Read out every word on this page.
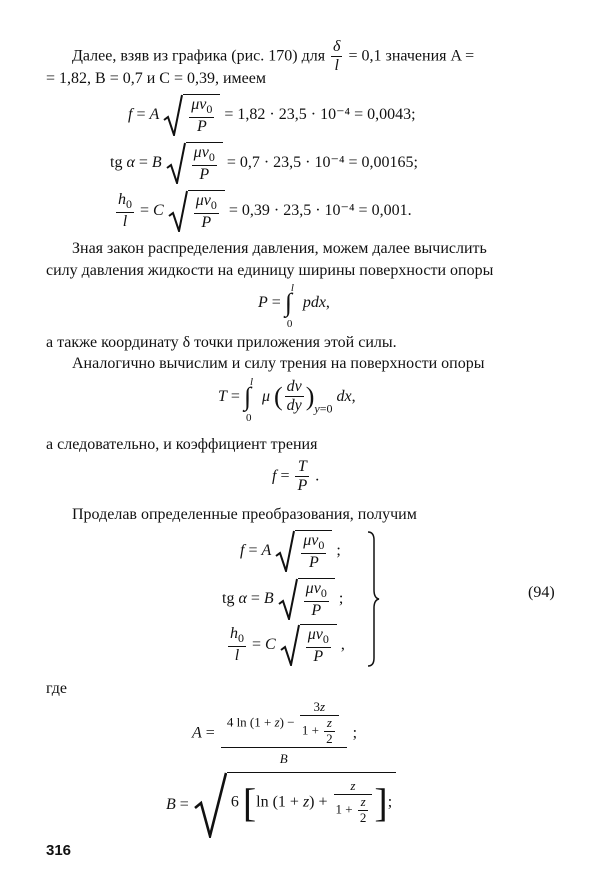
Далее, взяв из графика (рис. 170) для $\frac{\delta}{l} = 0,1$ значения A =
= 1,82, B = 0,7 и C = 0,39, имеем
f = A $\frac{\mu v_0}{P} = 1,82 \cdot 23,5 \cdot 10^{-4} = 0,0043$;
tg α = B $\frac{\mu v_0}{P} = 0,7 \cdot 23,5 \cdot 10^{-4} = 0,00165$;
$\frac{h_0}{l} = C \frac{\mu v_0}{P} = 0,39 \cdot 23,5 \cdot 10^{-4} = 0,001$.
Зная закон распределения давления, можем далее вычислить
силу давления жидкости на единицу ширины поверхности опоры
P = ∫
l
0
pdx,
а также координату δ точки приложения этой силы.
Аналогично вычислим и силу трения на поверхности опоры
T = ∫
l
0
μ ( $\frac{dv}{dy} )_{y=0}$ dx,
а следовательно, и коэффициент трения
$f = \frac{T}{P}$ .
Проделав определенные преобразования, получим
f = A $\frac{\mu v_0}{P}$ ;
tg α = B $\frac{\mu v_0}{P}$ ;
$\frac{h_0}{l} = C \frac{\mu v_0}{P}$ ,
(94)
где
$A = \frac{4 \ln (1 + z) - \frac{3z}{1 + \frac{z}{2}}}{B}$ ;
B =	6 [ln $(1 + z) + \frac{z}{1 + \frac{z}{2}}$ ];
316
